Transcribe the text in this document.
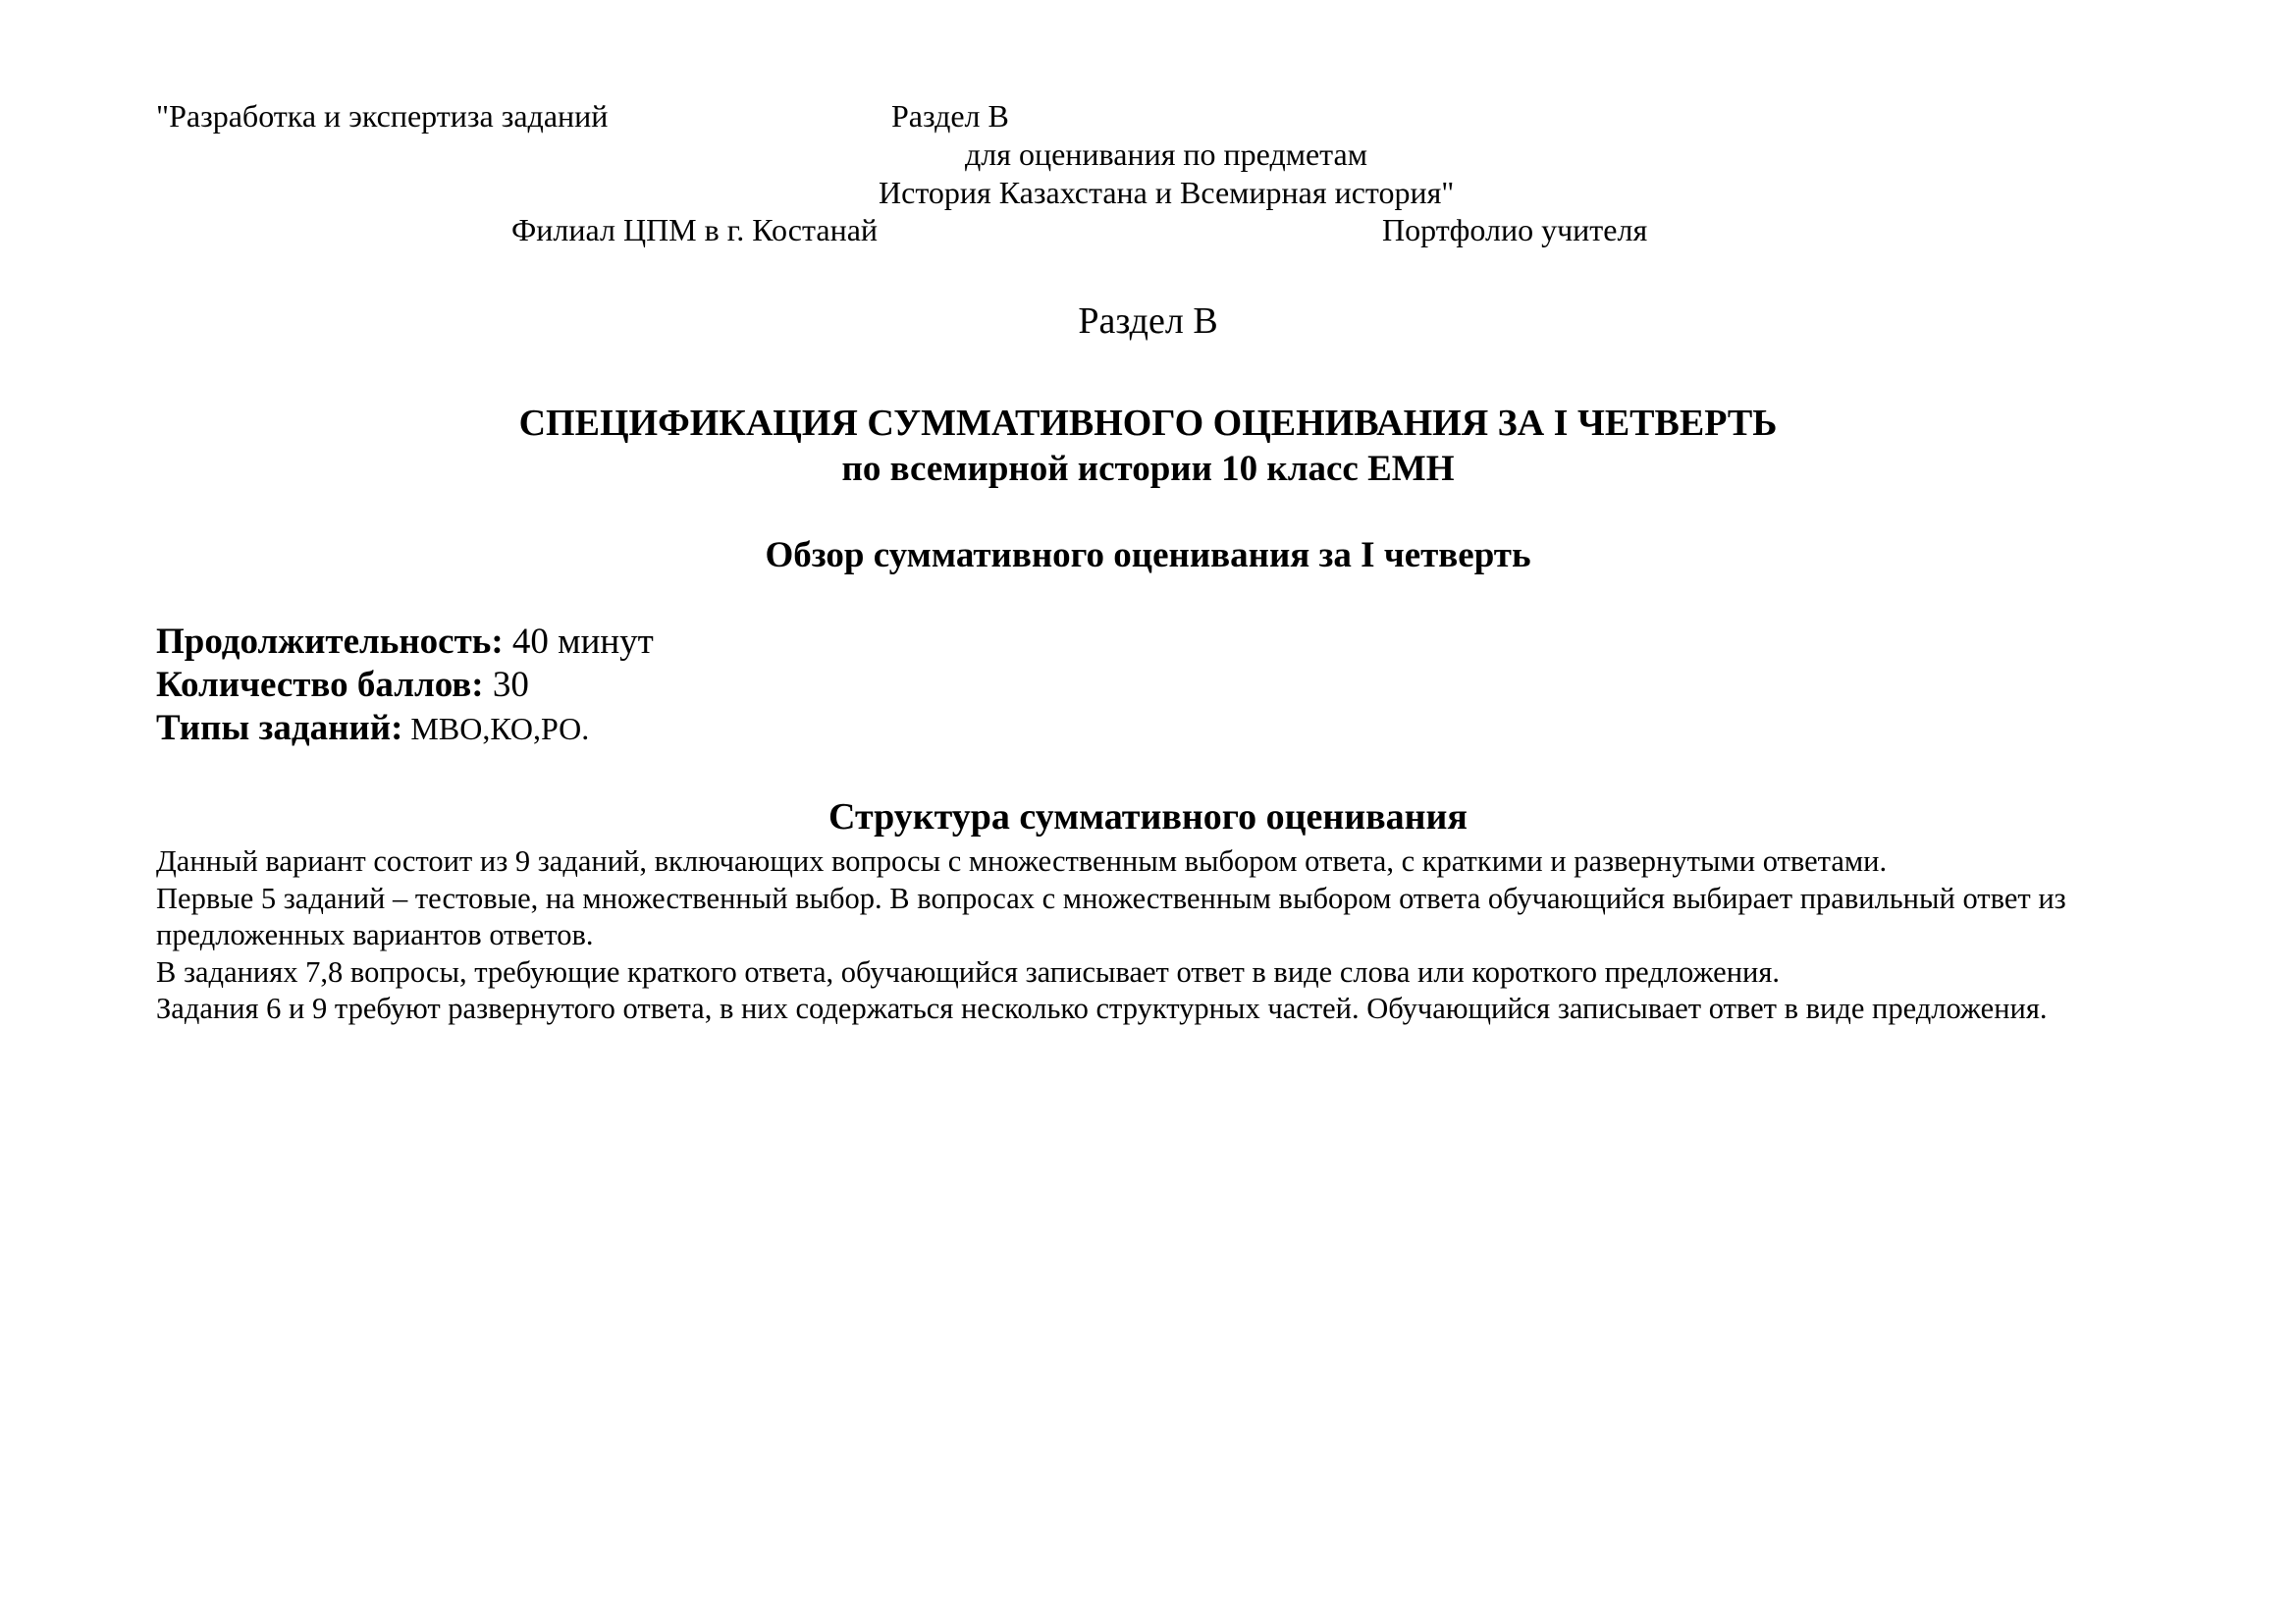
"Разработка и экспертиза заданий	Раздел В
для оценивания по предметам
История Казахстана и Всемирная история"
Филиал ЦПМ в г. Костанай	Портфолио учителя
Раздел В
СПЕЦИФИКАЦИЯ СУММАТИВНОГО ОЦЕНИВАНИЯ ЗА I ЧЕТВЕРТЬ
по всемирной истории 10 класс ЕМН
Обзор суммативного оценивания за I четверть
Продолжительность: 40 минут
Количество баллов: 30
Типы заданий: МВО,КО,РО.
Структура суммативного оценивания

Данный вариант состоит из 9 заданий, включающих вопросы с множественным выбором ответа, с краткими и развернутыми ответами.

Первые 5 заданий – тестовые, на множественный выбор. В вопросах с множественным выбором ответа обучающийся выбирает правильный ответ из предложенных вариантов ответов.

В заданиях 7,8 вопросы, требующие краткого ответа, обучающийся записывает ответ в виде слова или короткого предложения.

Задания 6 и 9 требуют развернутого ответа, в них содержаться несколько структурных частей. Обучающийся записывает ответ в виде предложения.
